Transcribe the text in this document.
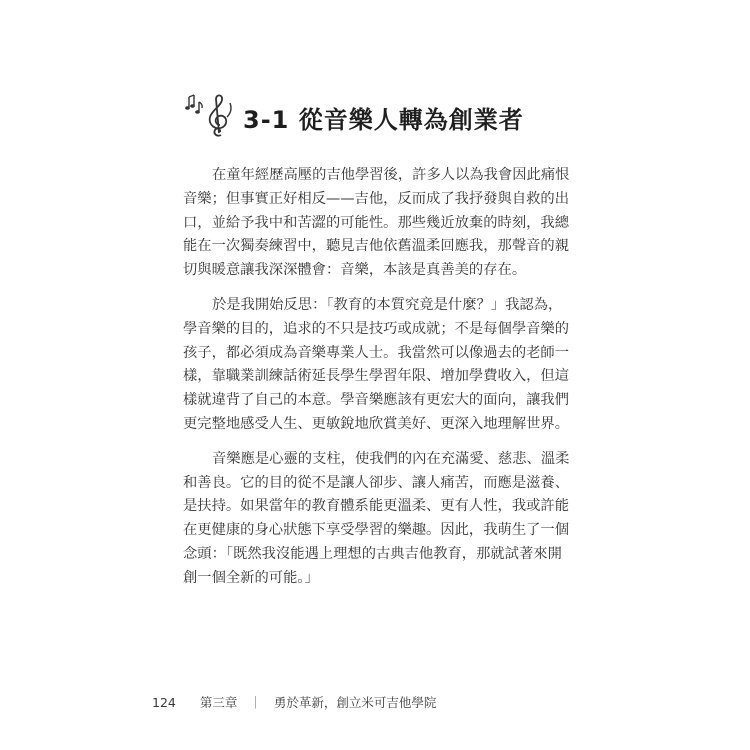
3-1 從音樂人轉為創業者

在童年經歷高壓的吉他學習後，許多人以為我會因此痛恨
音樂；但事實正好相反——吉他，反而成了我抒發與自救的出
口，並給予我中和苦澀的可能性。那些幾近放棄的時刻，我總
能在一次獨奏練習中，聽見吉他依舊溫柔回應我，那聲音的親
切與暖意讓我深深體會：音樂，本該是真善美的存在。

於是我開始反思：「教育的本質究竟是什麼？」我認為，
學音樂的目的，追求的不只是技巧或成就；不是每個學音樂的
孩子，都必須成為音樂專業人士。我當然可以像過去的老師一
樣，靠職業訓練話術延長學生學習年限、增加學費收入，但這
樣就違背了自己的本意。學音樂應該有更宏大的面向，讓我們
更完整地感受人生、更敏銳地欣賞美好、更深入地理解世界。

音樂應是心靈的支柱，使我們的內在充滿愛、慈悲、溫柔
和善良。它的目的從不是讓人卻步、讓人痛苦，而應是滋養、
是扶持。如果當年的教育體系能更溫柔、更有人性，我或許能
在更健康的身心狀態下享受學習的樂趣。因此，我萌生了一個
念頭：「既然我沒能遇上理想的古典吉他教育，那就試著來開
創一個全新的可能。」

124 第三章 ｜ 勇於革新，創立米可吉他學院
